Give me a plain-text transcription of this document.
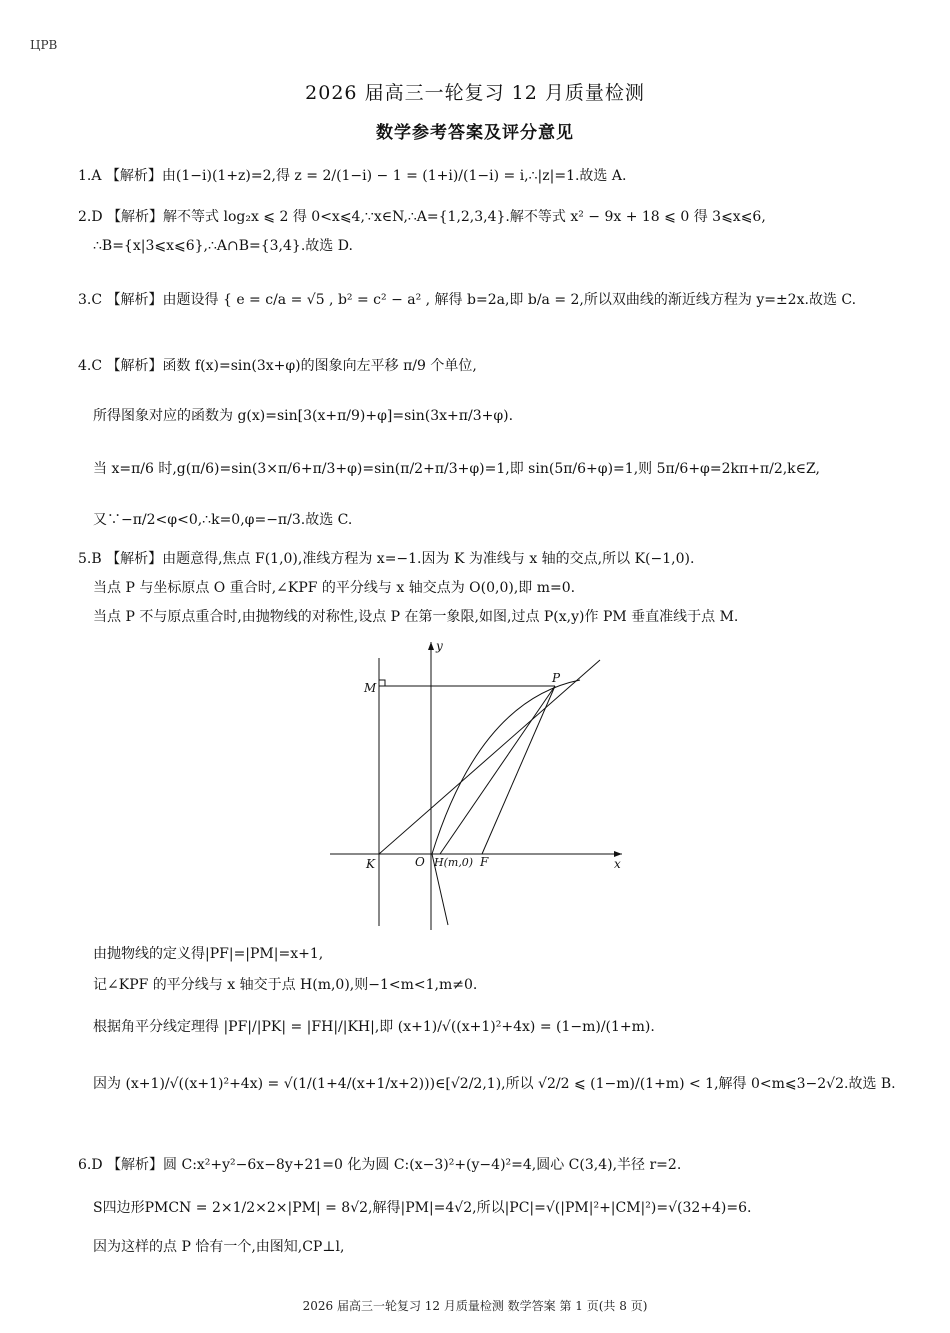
ЦРВ
2026 届高三一轮复习 12 月质量检测
数学参考答案及评分意见
1.A 【解析】由(1−i)(1+z)=2,得 z = 2/(1−i) − 1 = (1+i)/(1−i) = i,∴|z|=1.故选 A.
2.D 【解析】解不等式 log₂x ⩽ 2 得 0<x⩽4,∵x∈N,∴A={1,2,3,4}.解不等式 x² − 9x + 18 ⩽ 0 得 3⩽x⩽6,
∴B={x|3⩽x⩽6},∴A∩B={3,4}.故选 D.
3.C 【解析】由题设得 { e = c/a = √5 , b² = c² − a² , 解得 b=2a,即 b/a = 2,所以双曲线的渐近线方程为 y=±2x.故选 C.
4.C 【解析】函数 f(x)=sin(3x+φ)的图象向左平移 π/9 个单位,
所得图象对应的函数为 g(x)=sin[3(x+π/9)+φ]=sin(3x+π/3+φ).
当 x=π/6 时,g(π/6)=sin(3×π/6+π/3+φ)=sin(π/2+π/3+φ)=1,即 sin(5π/6+φ)=1,则 5π/6+φ=2kπ+π/2,k∈Z,
又∵−π/2<φ<0,∴k=0,φ=−π/3.故选 C.
5.B 【解析】由题意得,焦点 F(1,0),准线方程为 x=−1.因为 K 为准线与 x 轴的交点,所以 K(−1,0).
当点 P 与坐标原点 O 重合时,∠KPF 的平分线与 x 轴交点为 O(0,0),即 m=0.
当点 P 不与原点重合时,由抛物线的对称性,设点 P 在第一象限,如图,过点 P(x,y)作 PM 垂直准线于点 M.
y
x
M
P
K	O H(m,0) F
由抛物线的定义得|PF|=|PM|=x+1,
记∠KPF 的平分线与 x 轴交于点 H(m,0),则−1<m<1,m≠0.
根据角平分线定理得 |PF|/|PK| = |FH|/|KH|,即 (x+1)/√((x+1)²+4x) = (1−m)/(1+m).
因为 (x+1)/√((x+1)²+4x) = √(1/(1+4/(x+1/x+2)))∈[√2/2,1),所以 √2/2 ⩽ (1−m)/(1+m) < 1,解得 0<m⩽3−2√2.故选 B.
6.D 【解析】圆 C:x²+y²−6x−8y+21=0 化为圆 C:(x−3)²+(y−4)²=4,圆心 C(3,4),半径 r=2.
S四边形PMCN = 2×1/2×2×|PM| = 8√2,解得|PM|=4√2,所以|PC|=√(|PM|²+|CM|²)=√(32+4)=6.
因为这样的点 P 恰有一个,由图知,CP⊥l,
2026 届高三一轮复习 12 月质量检测 数学答案 第 1 页(共 8 页)
